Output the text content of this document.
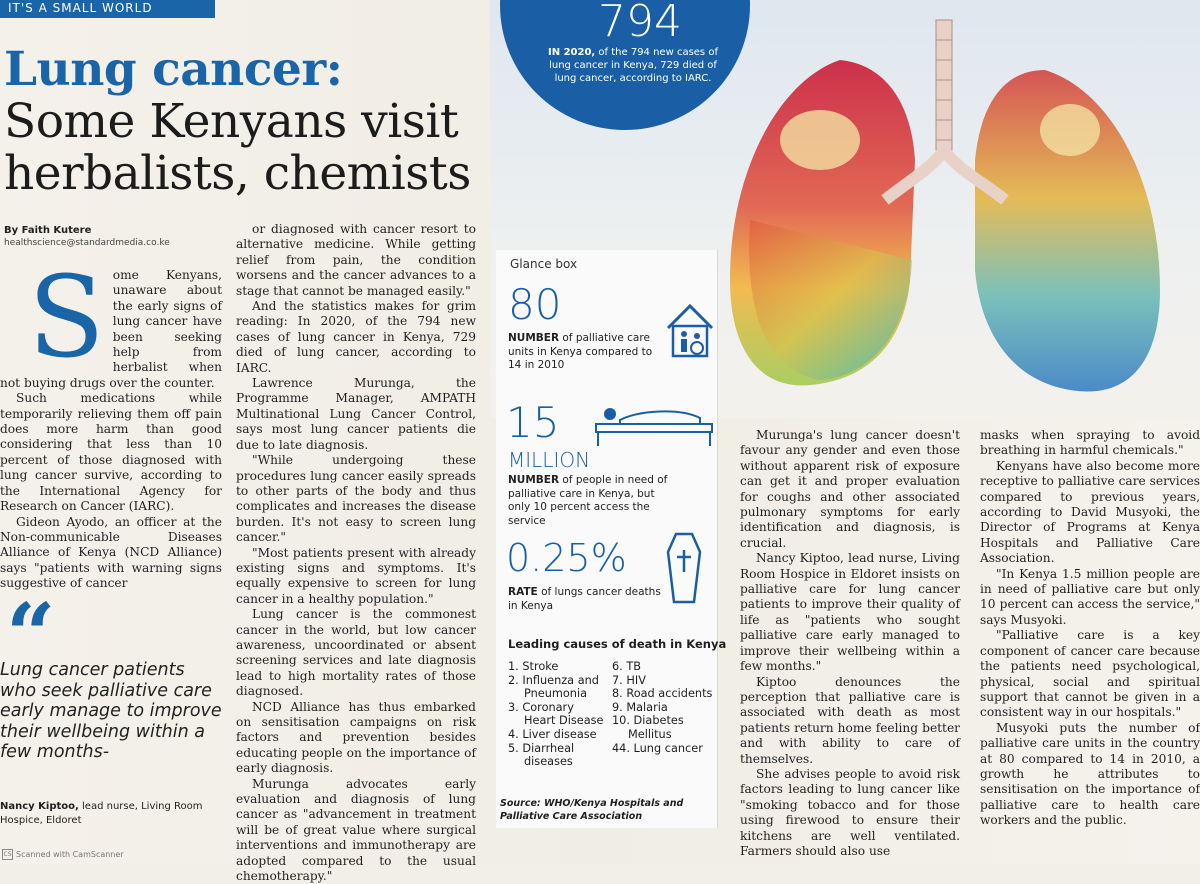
IT'S A SMALL WORLD
Lung cancer: Some Kenyans visit herbalists, chemists
By Faith Kutere
healthscience@standardmedia.co.ke
S ome Kenyans, unaware about the early signs of lung cancer have been seeking help from herbalist when not buying drugs over the counter.

Such medications while temporarily relieving them off pain does more harm than good considering that less than 10 percent of those diagnosed with lung cancer survive, according to the International Agency for Research on Cancer (IARC).

Gideon Ayodo, an officer at the Non-communicable Diseases Alliance of Kenya (NCD Alliance) says "patients with warning signs suggestive of cancer

“
Lung cancer patients who seek palliative care early manage to improve their wellbeing within a few months-
Nancy Kiptoo, lead nurse, Living Room Hospice, Eldoret

or diagnosed with cancer resort to alternative medicine. While getting relief from pain, the condition worsens and the cancer advances to a stage that cannot be managed easily."

And the statistics makes for grim reading: In 2020, of the 794 new cases of lung cancer in Kenya, 729 died of lung cancer, according to IARC.

Lawrence Murunga, the Programme Manager, AMPATH Multinational Lung Cancer Control, says most lung cancer patients die due to late diagnosis.

"While undergoing these procedures lung cancer easily spreads to other parts of the body and thus complicates and increases the disease burden. It's not easy to screen lung cancer."

"Most patients present with already existing signs and symptoms. It's equally expensive to screen for lung cancer in a healthy population."

Lung cancer is the commonest cancer in the world, but low cancer awareness, uncoordinated or absent screening services and late diagnosis lead to high mortality rates of those diagnosed.

NCD Alliance has thus embarked on sensitisation campaigns on risk factors and prevention besides educating people on the importance of early diagnosis.

Murunga advocates early evaluation and diagnosis of lung cancer as "advancement in treatment will be of great value where surgical interventions and immunotherapy are adopted compared to the usual chemotherapy."

794
IN 2020, of the 794 new cases of lung cancer in Kenya, 729 died of lung cancer, according to IARC.
Glance box
80
NUMBER of palliative care units in Kenya compared to 14 in 2010
15
MILLION
NUMBER of people in need of palliative care in Kenya, but only 10 percent access the service
0.25%
RATE of lungs cancer deaths in Kenya
Leading causes of death in Kenya
1. Stroke
2. Influenza and
Pneumonia
3. Coronary
Heart Disease
4. Liver disease
5. Diarrheal
diseases
6. TB
7. HIV
8. Road accidents
9. Malaria
10. Diabetes
Mellitus
44. Lung cancer
Source: WHO/Kenya Hospitals and Palliative Care Association

Murunga's lung cancer doesn't favour any gender and even those without apparent risk of exposure can get it and proper evaluation for coughs and other associated pulmonary symptoms for early identification and diagnosis, is crucial.

Nancy Kiptoo, lead nurse, Living Room Hospice in Eldoret insists on palliative care for lung cancer patients to improve their quality of life as "patients who sought palliative care early managed to improve their wellbeing within a few months."

Kiptoo denounces the perception that palliative care is associated with death as most patients return home feeling better and with ability to care of themselves.

She advises people to avoid risk factors leading to lung cancer like "smoking tobacco and for those using firewood to ensure their kitchens are well ventilated. Farmers should also use

masks when spraying to avoid breathing in harmful chemicals."

Kenyans have also become more receptive to palliative care services compared to previous years, according to David Musyoki, the Director of Programs at Kenya Hospitals and Palliative Care Association.

"In Kenya 1.5 million people are in need of palliative care but only 10 percent can access the service," says Musyoki.

"Palliative care is a key component of cancer care because the patients need psychological, physical, social and spiritual support that cannot be given in a consistent way in our hospitals."

Musyoki puts the number of palliative care units in the country at 80 compared to 14 in 2010, a growth he attributes to sensitisation on the importance of palliative care to health care workers and the public.

CS Scanned with CamScanner
